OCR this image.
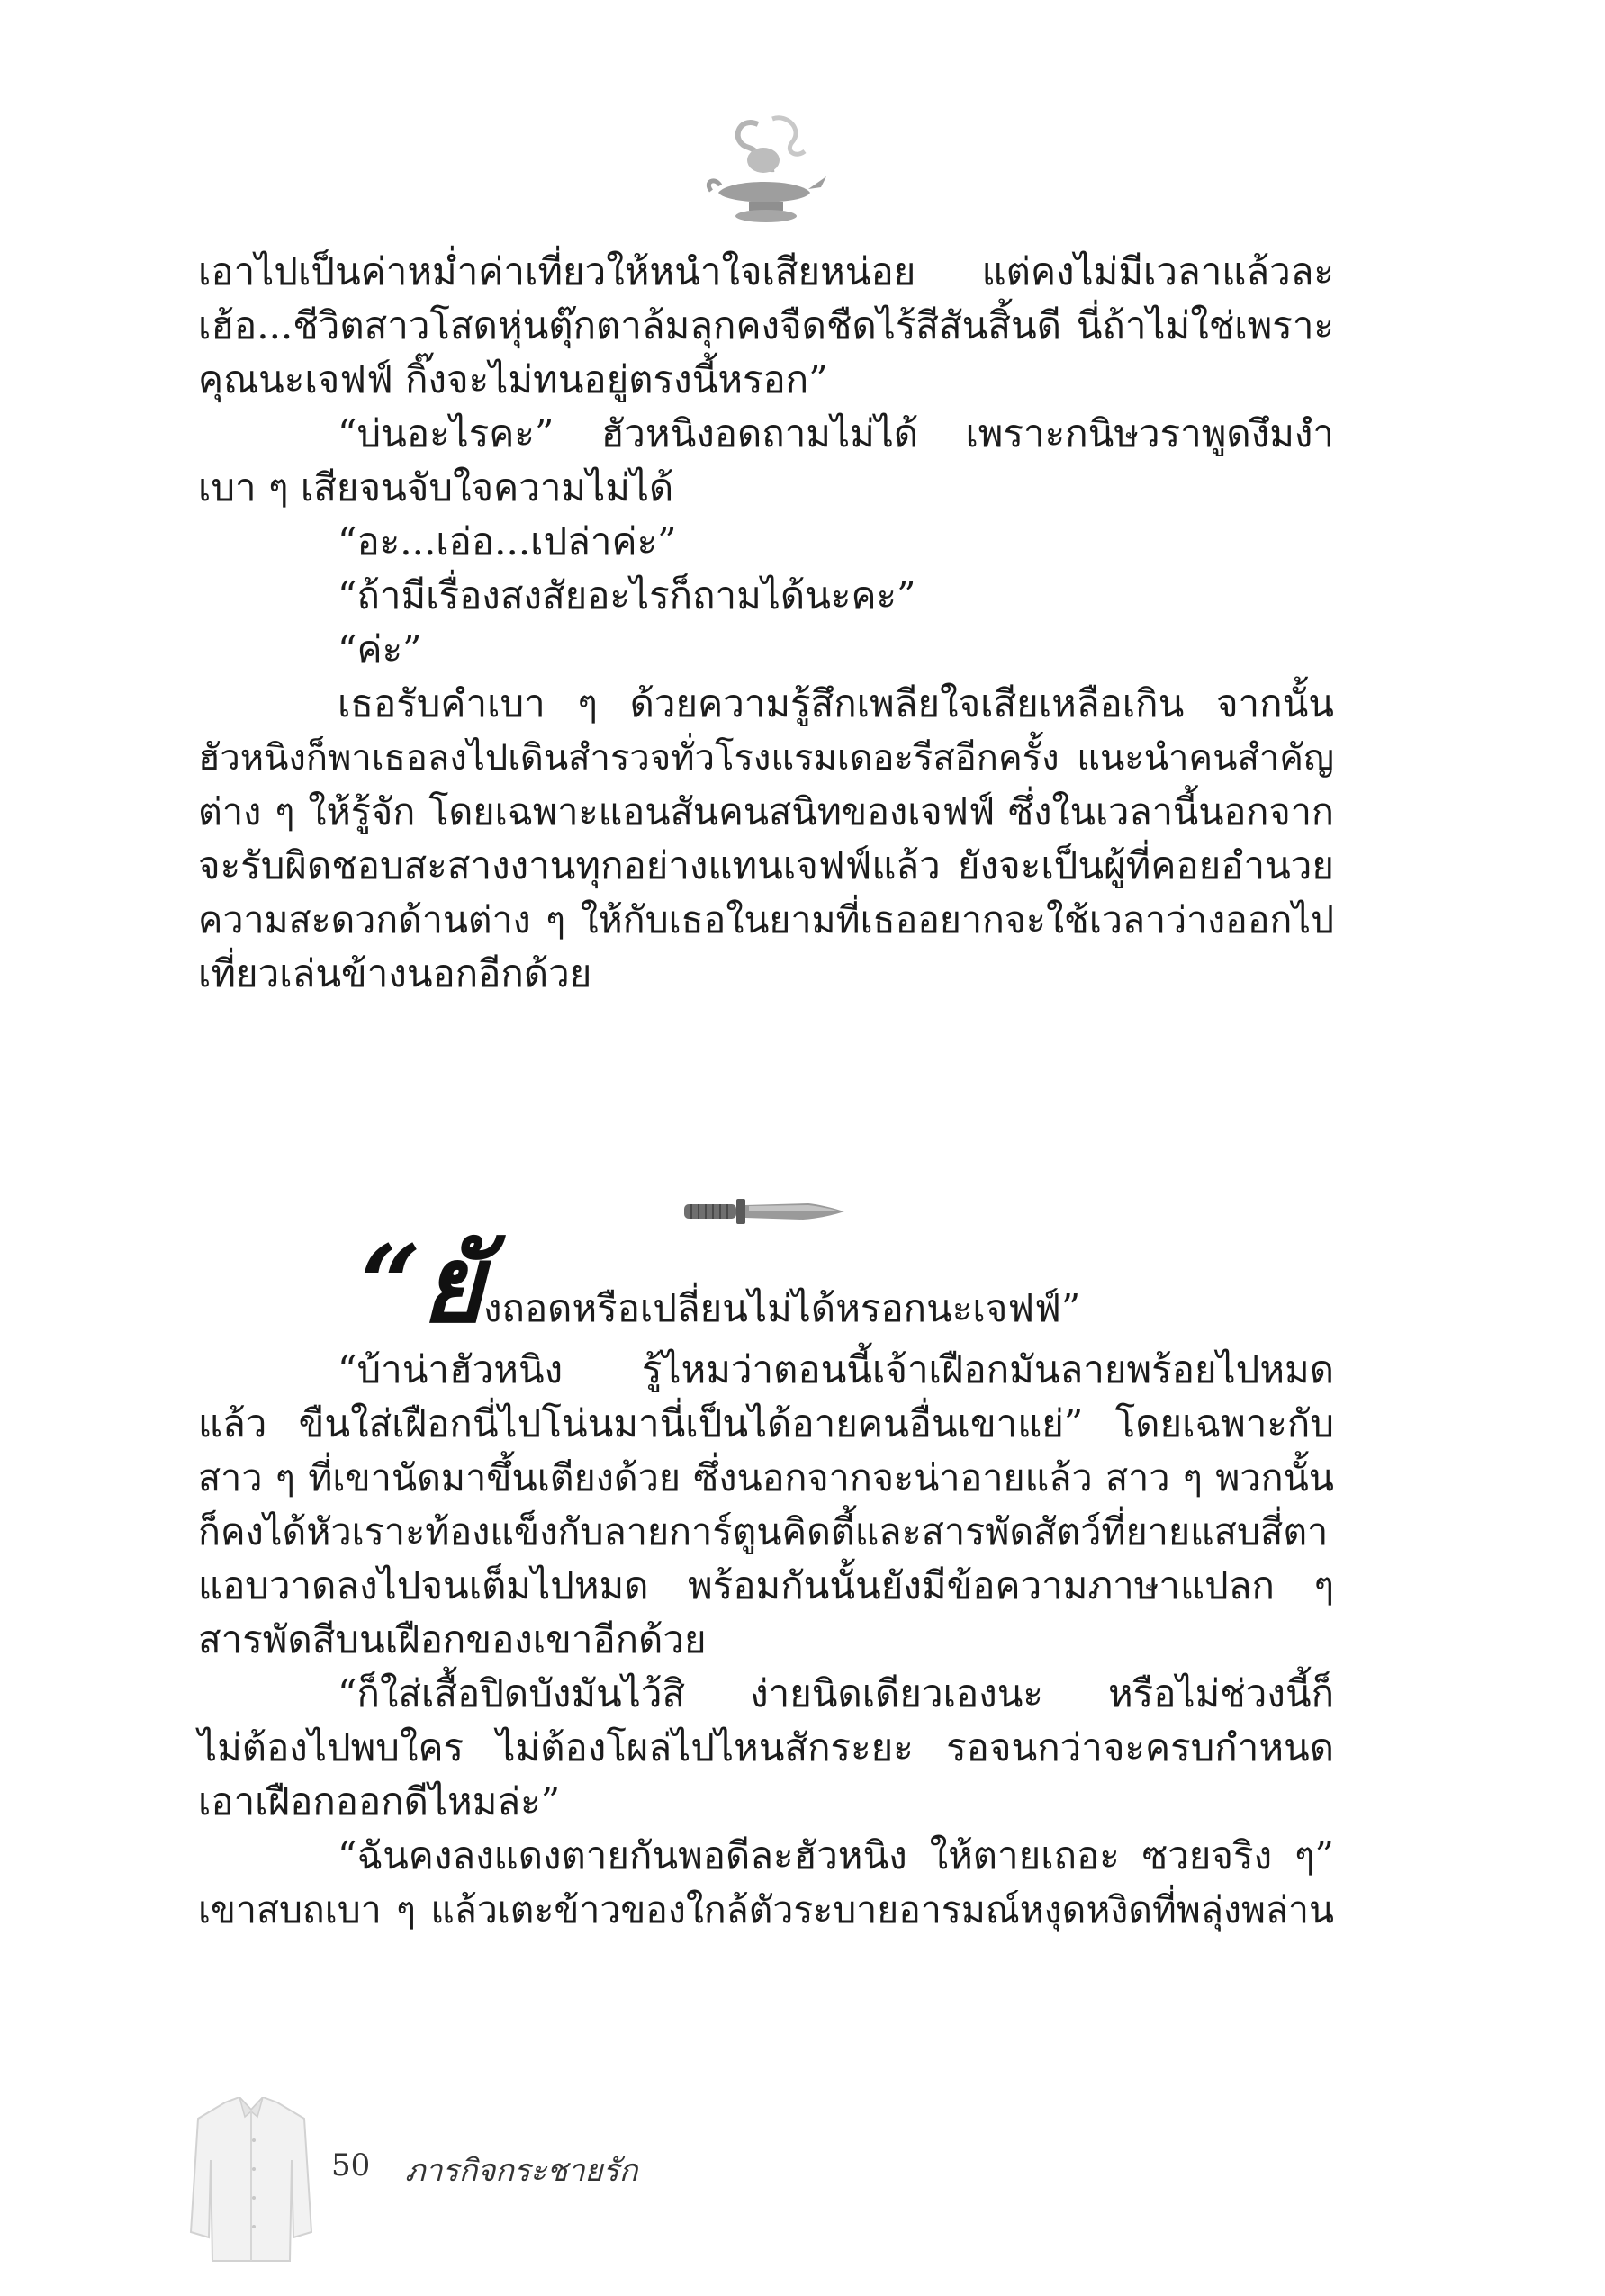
เอาไปเป็นค่าหม่ำค่าเที่ยวให้หนำใจเสียหน่อย แต่คงไม่มีเวลาแล้วละ
เฮ้อ...ชีวิตสาวโสดหุ่นตุ๊กตาล้มลุกคงจืดชืดไร้สีสันสิ้นดี นี่ถ้าไม่ใช่เพราะ
คุณนะเจฟฟ์ กิ๊งจะไม่ทนอยู่ตรงนี้หรอก”
“บ่นอะไรคะ” ฮัวหนิงอดถามไม่ได้ เพราะกนิษวราพูดงึมงำ
เบา ๆ เสียจนจับใจความไม่ได้
“อะ...เอ่อ...เปล่าค่ะ”
“ถ้ามีเรื่องสงสัยอะไรก็ถามได้นะคะ”
“ค่ะ”
เธอรับคำเบา ๆ ด้วยความรู้สึกเพลียใจเสียเหลือเกิน จากนั้น
ฮัวหนิงก็พาเธอลงไปเดินสำรวจทั่วโรงแรมเดอะรีสอีกครั้ง แนะนำคนสำคัญ
ต่าง ๆ ให้รู้จัก โดยเฉพาะแอนสันคนสนิทของเจฟฟ์ ซึ่งในเวลานี้นอกจาก
จะรับผิดชอบสะสางงานทุกอย่างแทนเจฟฟ์แล้ว ยังจะเป็นผู้ที่คอยอำนวย
ความสะดวกด้านต่าง ๆ ให้กับเธอในยามที่เธออยากจะใช้เวลาว่างออกไป
เที่ยวเล่นข้างนอกอีกด้วย
“ยังถอดหรือเปลี่ยนไม่ได้หรอกนะเจฟฟ์”
“บ้าน่าฮัวหนิง รู้ไหมว่าตอนนี้เจ้าเฝือกมันลายพร้อยไปหมด
แล้ว ขืนใส่เฝือกนี่ไปโน่นมานี่เป็นได้อายคนอื่นเขาแย่” โดยเฉพาะกับ
สาว ๆ ที่เขานัดมาขึ้นเตียงด้วย ซึ่งนอกจากจะน่าอายแล้ว สาว ๆ พวกนั้น
ก็คงได้หัวเราะท้องแข็งกับลายการ์ตูนคิดตี้และสารพัดสัตว์ที่ยายแสบสี่ตา
แอบวาดลงไปจนเต็มไปหมด พร้อมกันนั้นยังมีข้อความภาษาแปลก ๆ
สารพัดสีบนเฝือกของเขาอีกด้วย
“ก็ใส่เสื้อปิดบังมันไว้สิ ง่ายนิดเดียวเองนะ หรือไม่ช่วงนี้ก็
ไม่ต้องไปพบใคร ไม่ต้องโผล่ไปไหนสักระยะ รอจนกว่าจะครบกำหนด
เอาเฝือกออกดีไหมล่ะ”
“ฉันคงลงแดงตายกันพอดีละฮัวหนิง ให้ตายเถอะ ซวยจริง ๆ”
เขาสบถเบา ๆ แล้วเตะข้าวของใกล้ตัวระบายอารมณ์หงุดหงิดที่พลุ่งพล่าน
50 ภารกิจกระชายรัก
